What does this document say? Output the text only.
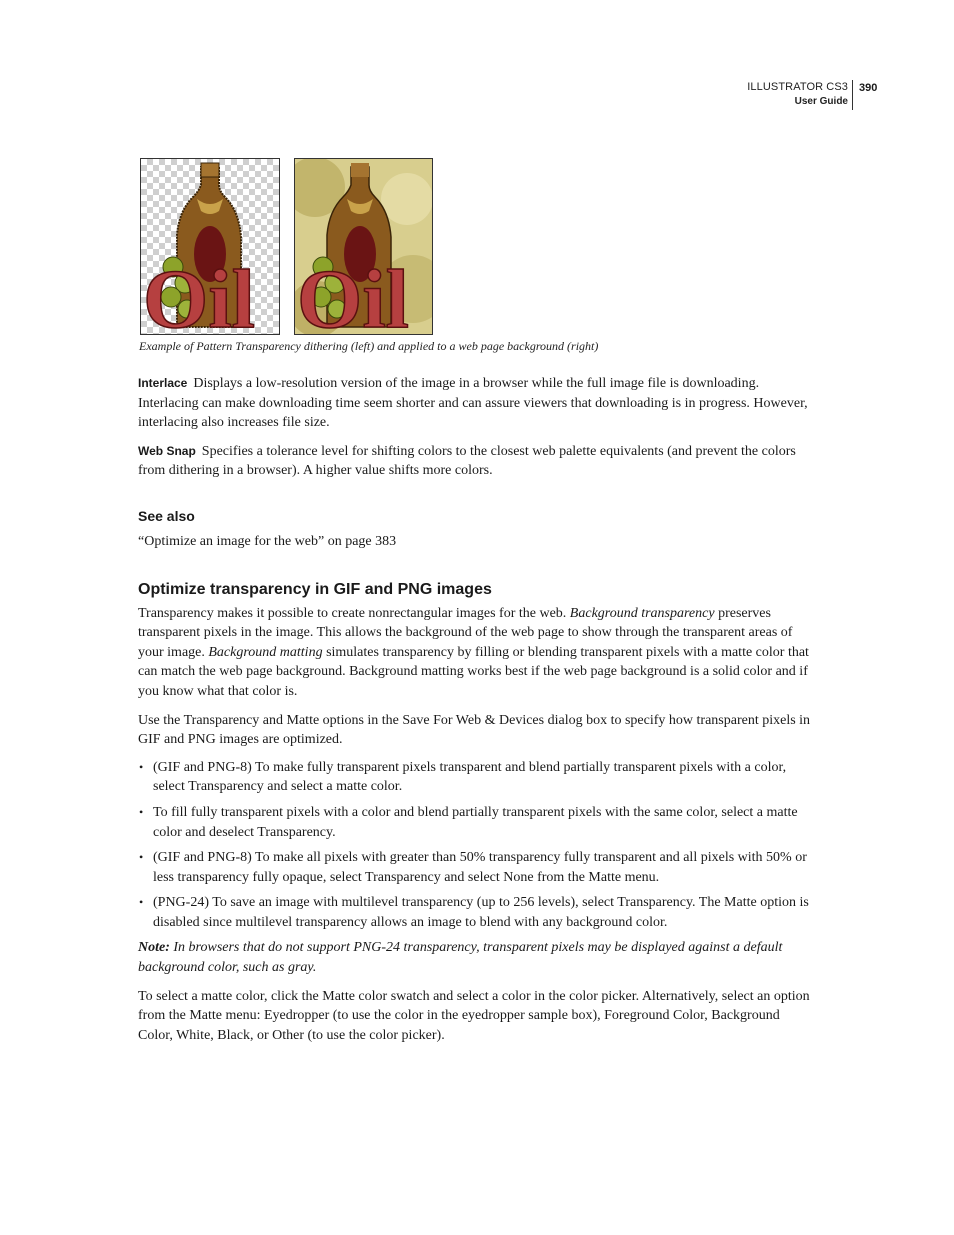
ILLUSTRATOR CS3
User Guide
390
Oil Oil
Example of Pattern Transparency dithering (left) and applied to a web page background (right)

Interlace Displays a low-resolution version of the image in a browser while the full image file is downloading. Interlacing can make downloading time seem shorter and can assure viewers that downloading is in progress. However, interlacing also increases file size.

Web Snap Specifies a tolerance level for shifting colors to the closest web palette equivalents (and prevent the colors from dithering in a browser). A higher value shifts more colors.

See also

“Optimize an image for the web” on page 383

Optimize transparency in GIF and PNG images

Transparency makes it possible to create nonrectangular images for the web. Background transparency preserves transparent pixels in the image. This allows the background of the web page to show through the transparent areas of your image. Background matting simulates transparency by filling or blending transparent pixels with a matte color that can match the web page background. Background matting works best if the web page background is a solid color and if you know what that color is.

Use the Transparency and Matte options in the Save For Web & Devices dialog box to specify how transparent pixels in GIF and PNG images are optimized.

• (GIF and PNG-8) To make fully transparent pixels transparent and blend partially transparent pixels with a color, select Transparency and select a matte color.
• To fill fully transparent pixels with a color and blend partially transparent pixels with the same color, select a matte color and deselect Transparency.
• (GIF and PNG-8) To make all pixels with greater than 50% transparency fully transparent and all pixels with 50% or less transparency fully opaque, select Transparency and select None from the Matte menu.
• (PNG-24) To save an image with multilevel transparency (up to 256 levels), select Transparency. The Matte option is disabled since multilevel transparency allows an image to blend with any background color.

Note: In browsers that do not support PNG-24 transparency, transparent pixels may be displayed against a default background color, such as gray.

To select a matte color, click the Matte color swatch and select a color in the color picker. Alternatively, select an option from the Matte menu: Eyedropper (to use the color in the eyedropper sample box), Foreground Color, Background Color, White, Black, or Other (to use the color picker).
